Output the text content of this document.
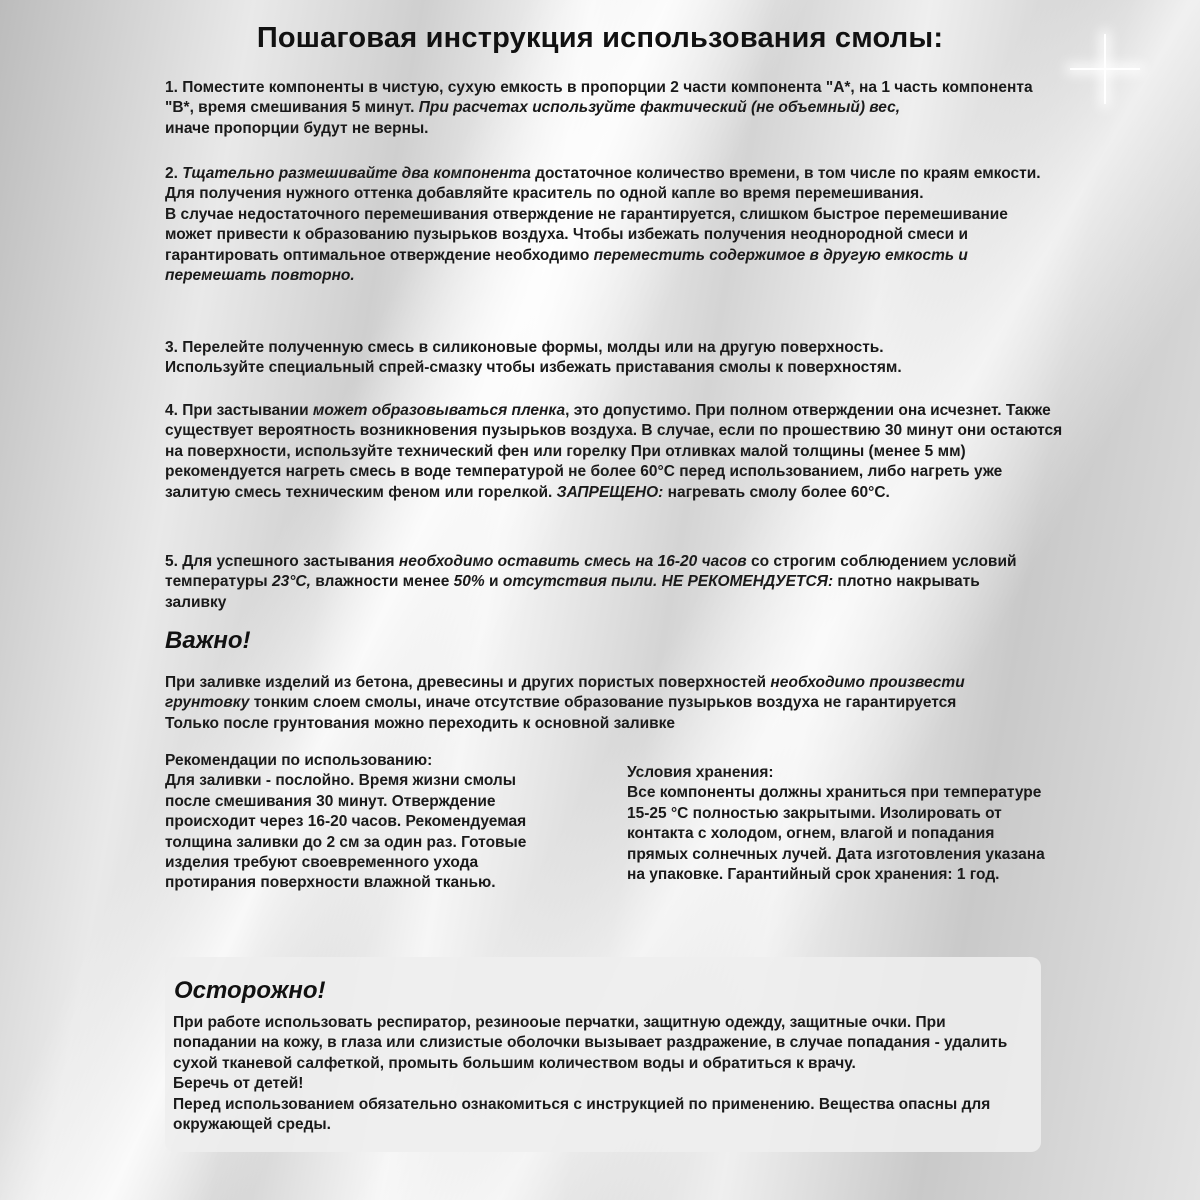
Пошаговая инструкция использования смолы:

1. Поместите компоненты в чистую, сухую емкость в пропорции 2 части компонента "А*, на 1 часть компонента "В*, время смешивания 5 минут. При расчетах используйте фактический (не объемный) вес,
иначе пропорции будут не верны.

2. Тщательно размешивайте два компонента достаточное количество времени, в том числе по краям емкости. Для получения нужного оттенка добавляйте краситель по одной капле во время перемешивания.

В случае недостаточного перемешивания отверждение не гарантируется, слишком быстрое перемешивание может привести к образованию пузырьков воздуха. Чтобы избежать получения неоднородной смеси и гарантировать оптимальное отверждение необходимо переместить содержимое в другую емкость и перемешать повторно.

3. Перелейте полученную смесь в силиконовые формы, молды или на другую поверхность.

Используйте специальный спрей-смазку чтобы избежать приставания смолы к поверхностям.

4. При застывании может образовываться пленка, это допустимо. При полном отверждении она исчезнет. Также существует вероятность возникновения пузырьков воздуха. В случае, если по прошествию 30 минут они остаются на поверхности, используйте технический фен или горелку При отливках малой толщины (менее 5 мм) рекомендуется нагреть смесь в воде температурой не более 60°C перед использованием, либо нагреть уже залитую смесь техническим феном или горелкой. ЗАПРЕЩЕНО: нагревать смолу более 60°C.

5. Для успешного застывания необходимо оставить смесь на 16-20 часов со строгим соблюдением условий температуры 23°C, влажности менее 50% и отсутствия пыли. НЕ РЕКОМЕНДУЕТСЯ: плотно накрывать заливку

Важно!

При заливке изделий из бетона, древесины и других пористых поверхностей необходимо произвести грунтовку тонким слоем смолы, иначе отсутствие образование пузырьков воздуха не гарантируется

Только после грунтования можно переходить к основной заливке

Рекомендации по использованию:

Для заливки - послойно. Время жизни смолы после смешивания 30 минут. Отверждение происходит через 16-20 часов. Рекомендуемая толщина заливки до 2 см за один раз. Готовые изделия требуют своевременного ухода протирания поверхности влажной тканью.

Условия хранения:

Все компоненты должны храниться при температуре 15-25 °C полностью закрытыми. Изолировать от контакта с холодом, огнем, влагой и попадания прямых солнечных лучей. Дата изготовления указана на упаковке. Гарантийный срок хранения: 1 год.

Осторожно!

При работе использовать респиратор, резинооые перчатки, защитную одежду, защитные очки. При попадании на кожу, в глаза или слизистые оболочки вызывает раздражение, в случае попадания - удалить сухой тканевой салфеткой, промыть большим количеством воды и обратиться к врачу.

Беречь от детей!

Перед использованием обязательно ознакомиться с инструкцией по применению. Вещества опасны для окружающей среды.
